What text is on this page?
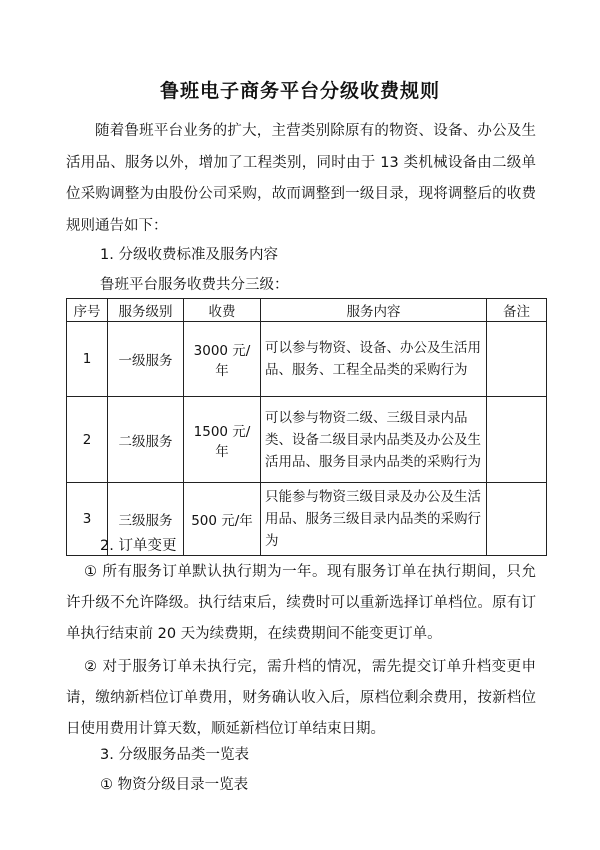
鲁班电子商务平台分级收费规则

随着鲁班平台业务的扩大，主营类别除原有的物资、设备、办公及生活用品、服务以外，增加了工程类别，同时由于 13 类机械设备由二级单位采购调整为由股份公司采购，故而调整到一级目录，现将调整后的收费规则通告如下：

1. 分级收费标准及服务内容
鲁班平台服务收费共分三级：
序号	服务级别	收费	服务内容	备注
1	一级服务	3000 元/年	可以参与物资、设备、办公及生活用品、服务、工程全品类的采购行为	
2	二级服务	1500 元/年	可以参与物资二级、三级目录内品类、设备二级目录内品类及办公及生活用品、服务目录内品类的采购行为	
3	三级服务	500 元/年	只能参与物资三级目录及办公及生活用品、服务三级目录内品类的采购行为	
2. 订单变更

① 所有服务订单默认执行期为一年。现有服务订单在执行期间，只允许升级不允许降级。执行结束后，续费时可以重新选择订单档位。原有订单执行结束前 20 天为续费期，在续费期间不能变更订单。

② 对于服务订单未执行完，需升档的情况，需先提交订单升档变更申请，缴纳新档位订单费用，财务确认收入后，原档位剩余费用，按新档位日使用费用计算天数，顺延新档位订单结束日期。

3. 分级服务品类一览表
① 物资分级目录一览表
